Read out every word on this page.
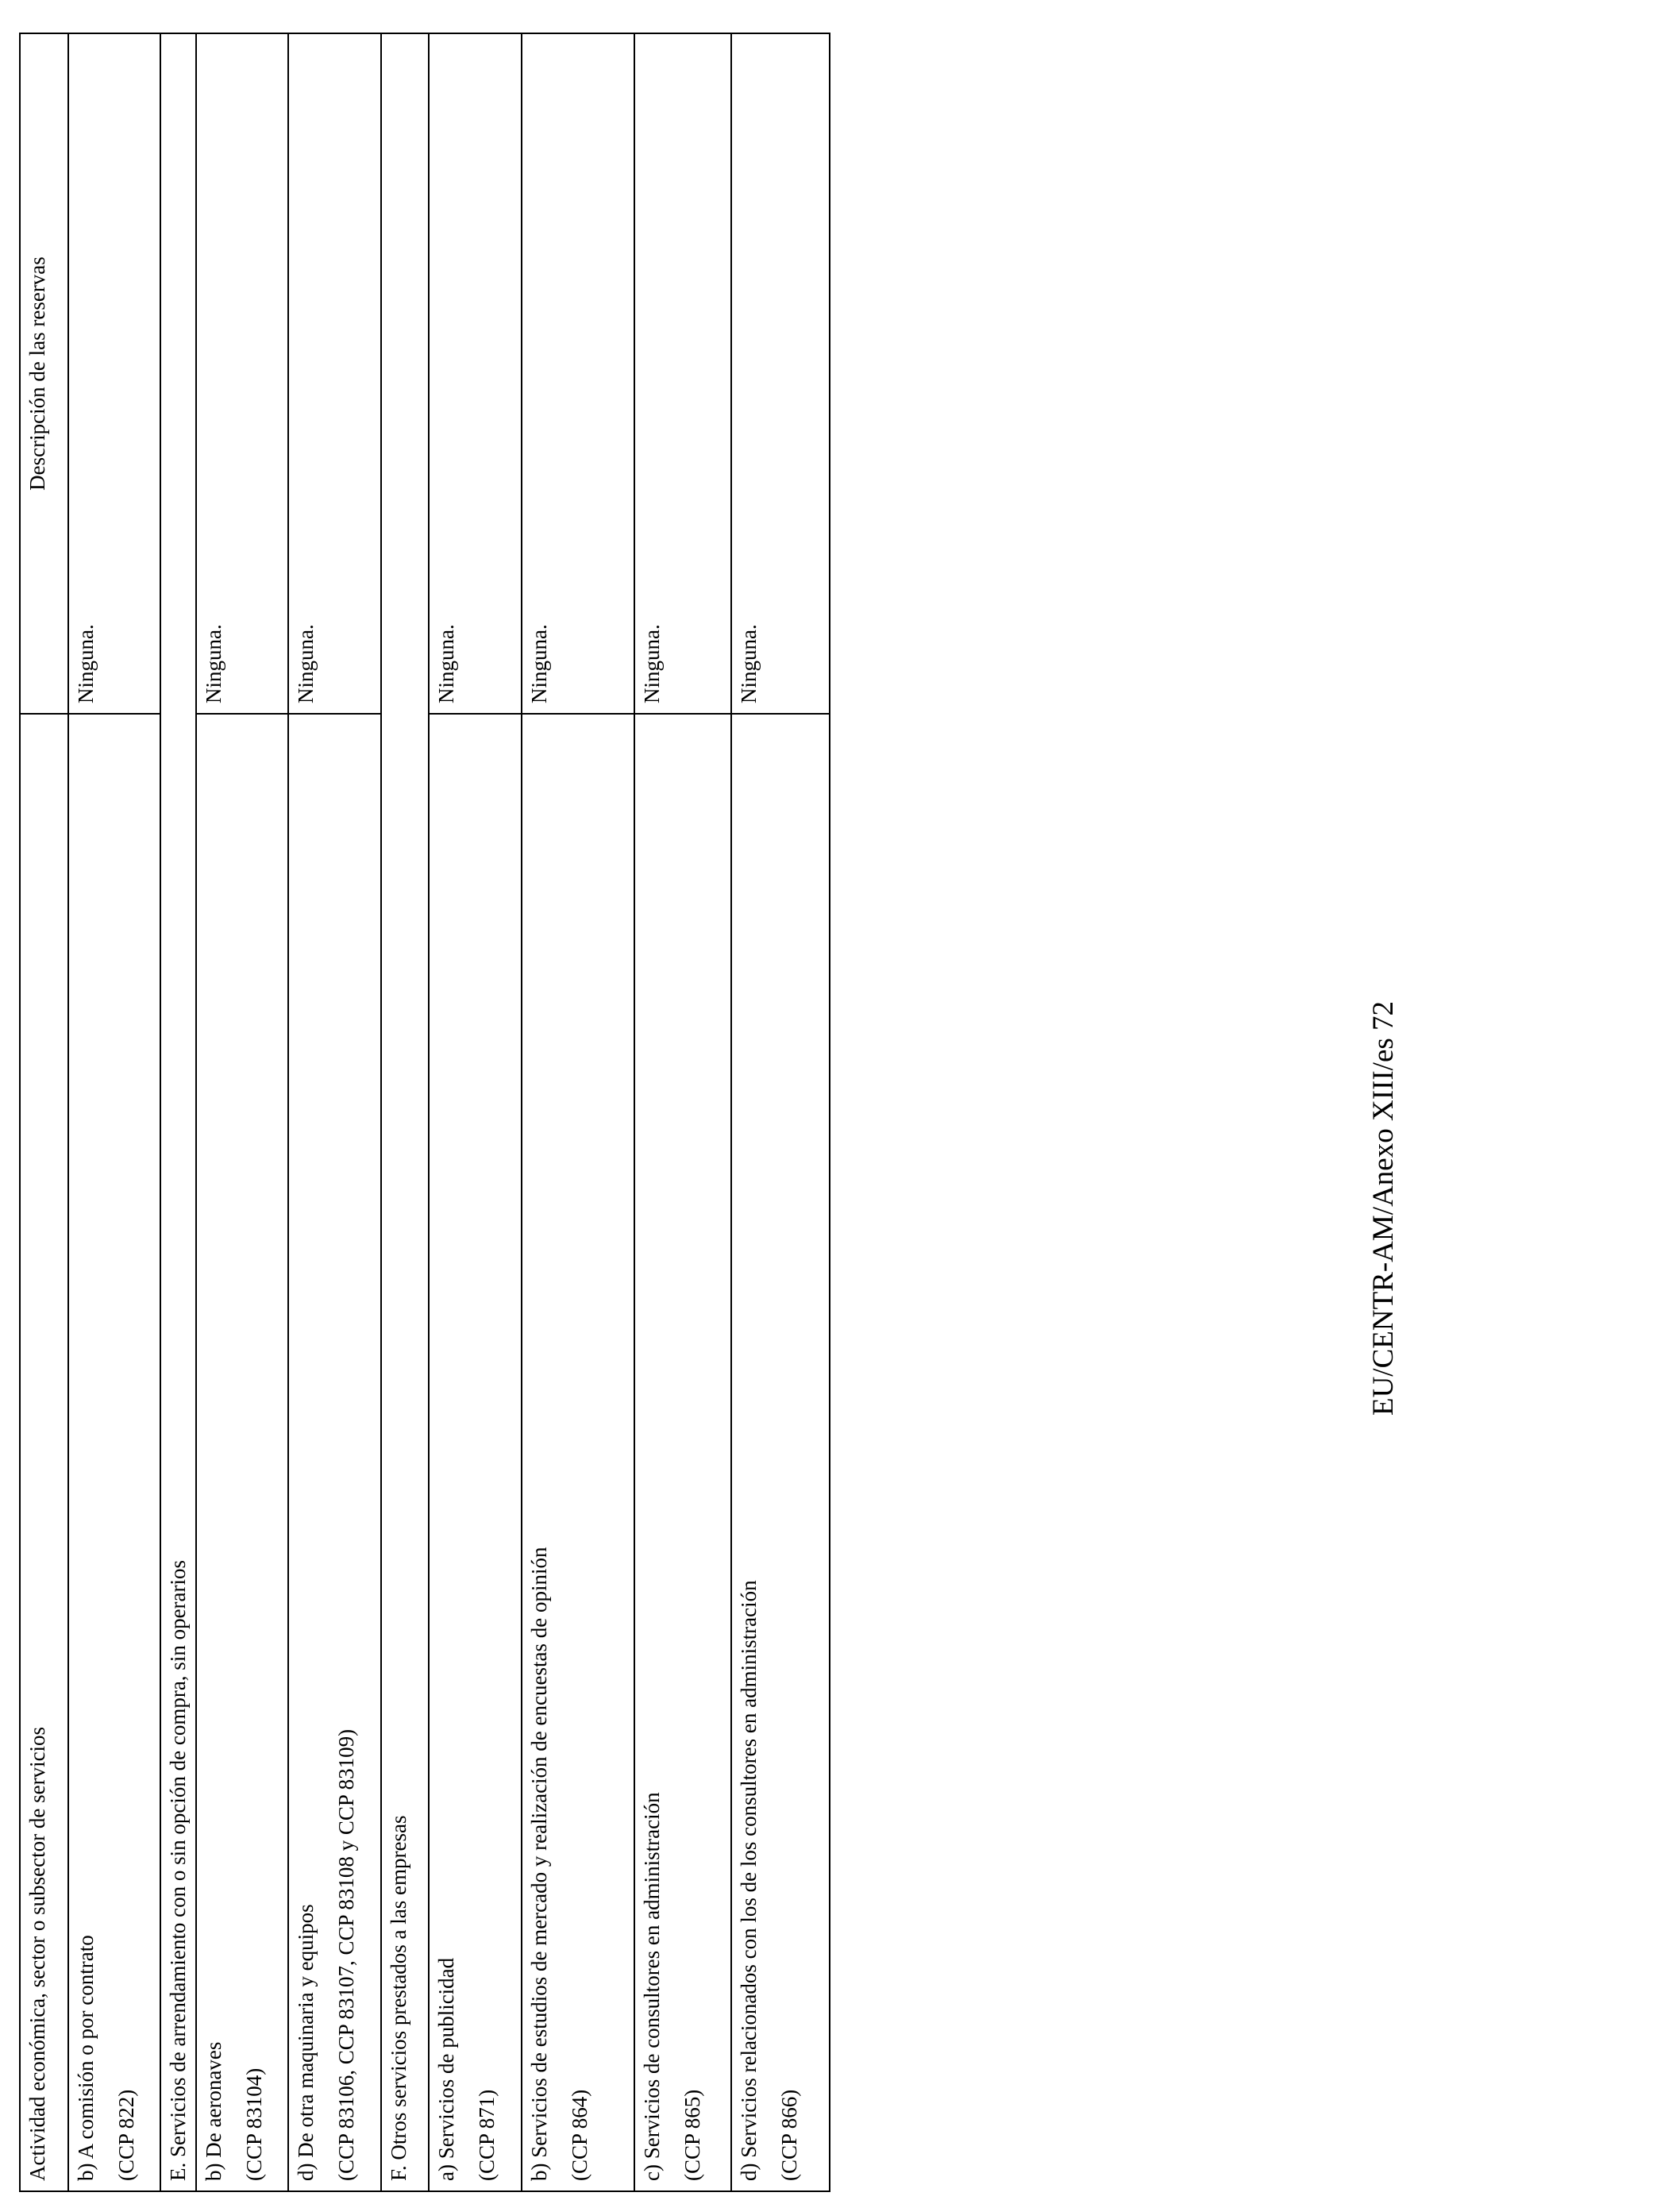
Actividad económica, sector o subsector de servicios	Descripción de las reservas

b) A comisión o por contrato (CCP 822)	Ninguna.
E. Servicios de arrendamiento con o sin opción de compra, sin operarios	

b) De aeronaves (CCP 83104)	Ninguna.

d) De otra maquinaria y equipos (CCP 83106, CCP 83107, CCP 83108 y CCP 83109)	Ninguna.
F. Otros servicios prestados a las empresas	

a) Servicios de publicidad (CCP 871)	Ninguna.

b) Servicios de estudios de mercado y realización de encuestas de opinión (CCP 864)	Ninguna.

c) Servicios de consultores en administración (CCP 865)	Ninguna.

d) Servicios relacionados con los de los consultores en administración (CCP 866)	Ninguna.
EU/CENTR-AM/Anexo XIII/es 72
